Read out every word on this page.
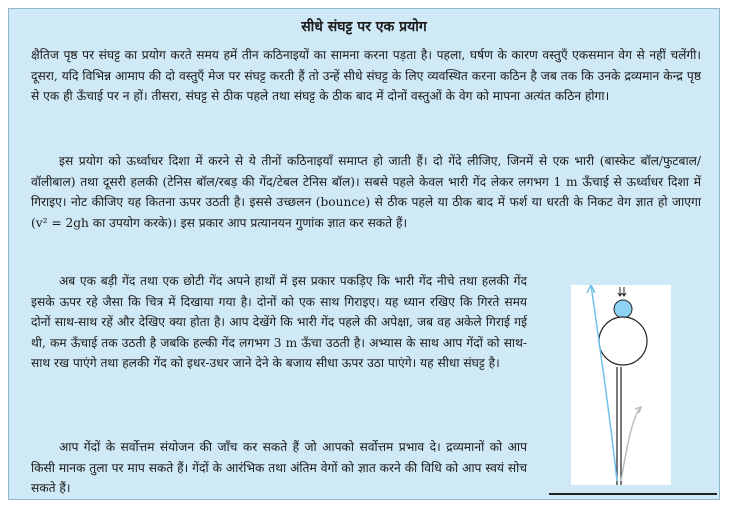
सीधे संघट्ट पर एक प्रयोग

क्षैतिज पृष्ठ पर संघट्ट का प्रयोग करते समय हमें तीन कठिनाइयों का सामना करना पड़ता है। पहला, घर्षण के कारण वस्तुएँ एकसमान वेग से नहीं चलेंगी। दूसरा, यदि विभिन्न आमाप की दो वस्तुएँ मेज पर संघट्ट करती हैं तो उन्हें सीधे संघट्ट के लिए व्यवस्थित करना कठिन है जब तक कि उनके द्रव्यमान केन्द्र पृष्ठ से एक ही ऊँचाई पर न हों। तीसरा, संघट्ट से ठीक पहले तथा संघट्ट के ठीक बाद में दोनों वस्तुओं के वेग को मापना अत्यंत कठिन होगा।

इस प्रयोग को ऊर्ध्वाधर दिशा में करने से ये तीनों कठिनाइयाँ समाप्त हो जाती हैं। दो गेंदे लीजिए, जिनमें से एक भारी (बास्केट बॉल/फुटबाल/वॉलीबाल) तथा दूसरी हलकी (टेनिस बॉल/रबड़ की गेंद/टेबल टेनिस बॉल)। सबसे पहले केवल भारी गेंद लेकर लगभग 1 m ऊँचाई से ऊर्ध्वाधर दिशा में गिराइए। नोट कीजिए यह कितना ऊपर उठती है। इससे उच्छलन (bounce) से ठीक पहले या ठीक बाद में फर्श या धरती के निकट वेग ज्ञात हो जाएगा (v² = 2gh का उपयोग करके)। इस प्रकार आप प्रत्यानयन गुणांक ज्ञात कर सकते हैं।

अब एक बड़ी गेंद तथा एक छोटी गेंद अपने हाथों में इस प्रकार पकड़िए कि भारी गेंद नीचे तथा हलकी गेंद इसके ऊपर रहे जैसा कि चित्र में दिखाया गया है। दोनों को एक साथ गिराइए। यह ध्यान रखिए कि गिरते समय दोनों साथ-साथ रहें और देखिए क्या होता है। आप देखेंगे कि भारी गेंद पहले की अपेक्षा, जब वह अकेले गिराई गई थी, कम ऊँचाई तक उठती है जबकि हल्की गेंद लगभग 3 m ऊँचा उठती है। अभ्यास के साथ आप गेंदों को साथ-साथ रख पाएंगे तथा हलकी गेंद को इधर-उधर जाने देने के बजाय सीधा ऊपर उठा पाएंगे। यह सीधा संघट्ट है।

आप गेंदों के सर्वोत्तम संयोजन की जाँच कर सकते हैं जो आपको सर्वोत्तम प्रभाव दे। द्रव्यमानों को आप किसी मानक तुला पर माप सकते हैं। गेंदों के आरंभिक तथा अंतिम वेगों को ज्ञात करने की विधि को आप स्वयं सोच सकते हैं।
